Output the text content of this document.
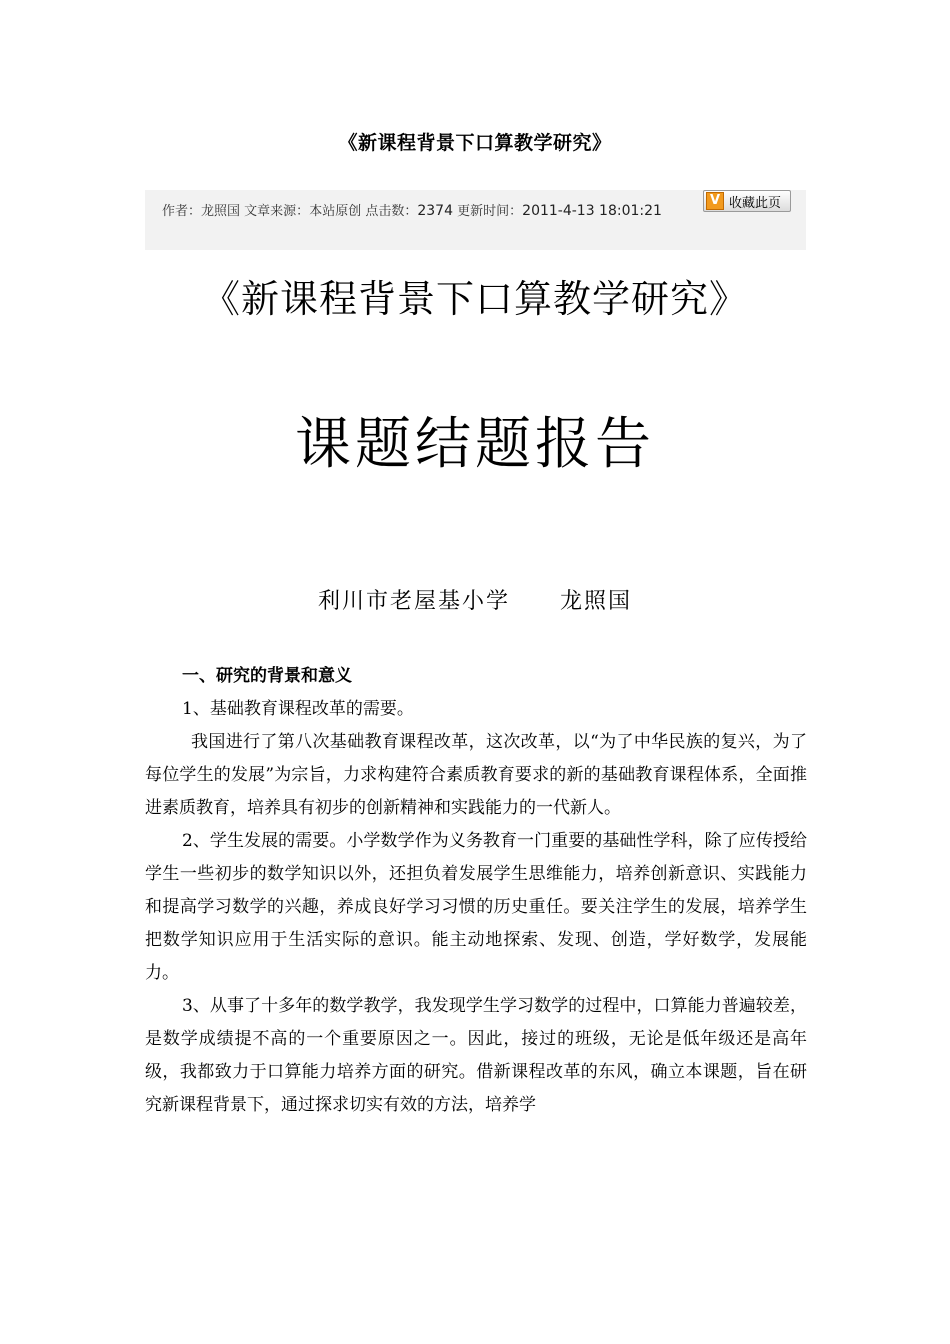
《新课程背景下口算教学研究》
作者：龙照国 文章来源：本站原创 点击数：2374 更新时间：2011-4-13 18:01:21
V 收藏此页
《新课程背景下口算教学研究》
课题结题报告
利川市老屋基小学 龙照国

一、研究的背景和意义

1、基础教育课程改革的需要。

我国进行了第八次基础教育课程改革，这次改革，以“为了中华民族的复兴，为了每位学生的发展”为宗旨，力求构建符合素质教育要求的新的基础教育课程体系，全面推进素质教育，培养具有初步的创新精神和实践能力的一代新人。

2、学生发展的需要。小学数学作为义务教育一门重要的基础性学科，除了应传授给学生一些初步的数学知识以外，还担负着发展学生思维能力，培养创新意识、实践能力和提高学习数学的兴趣，养成良好学习习惯的历史重任。要关注学生的发展，培养学生把数学知识应用于生活实际的意识。能主动地探索、发现、创造，学好数学，发展能力。

3、从事了十多年的数学教学，我发现学生学习数学的过程中，口算能力普遍较差，是数学成绩提不高的一个重要原因之一。因此，接过的班级，无论是低年级还是高年级，我都致力于口算能力培养方面的研究。借新课程改革的东风，确立本课题，旨在研究新课程背景下，通过探求切实有效的方法，培养学
